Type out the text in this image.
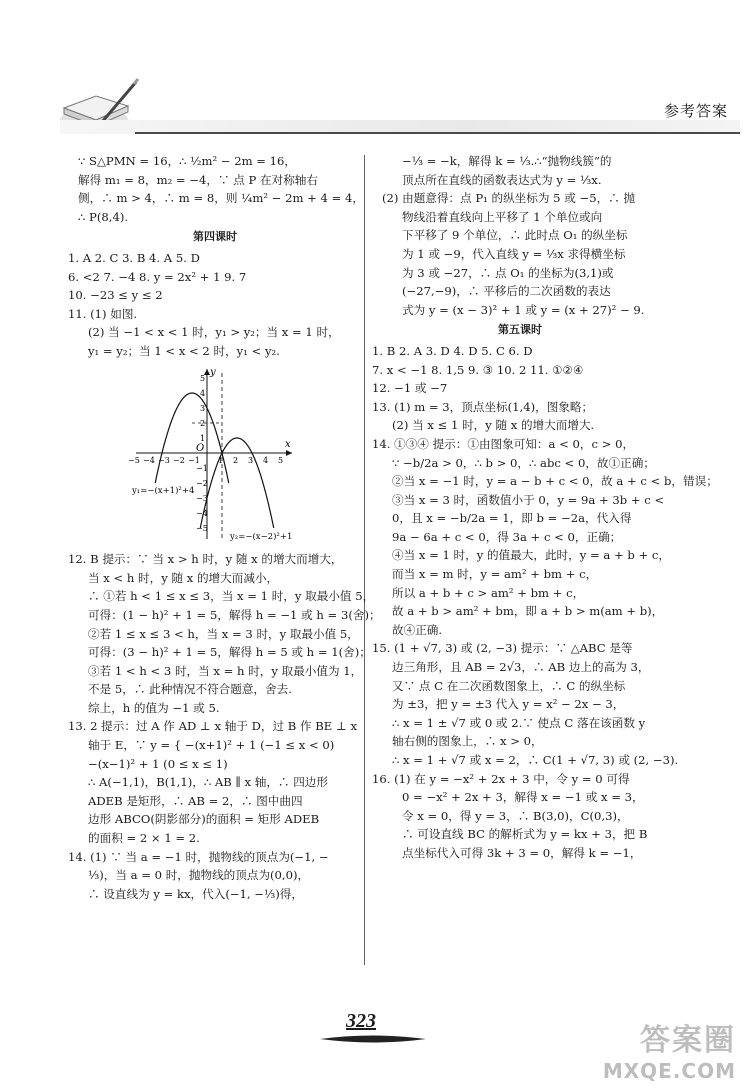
参考答案
∵ S△PMN = 16，∴ ½m² − 2m = 16，
解得 m₁ = 8，m₂ = −4，∵ 点 P 在对称轴右
侧，∴ m > 4，∴ m = 8，则 ¼m² − 2m + 4 = 4，
∴ P(8,4).
第四课时
1. A 2. C 3. B 4. A 5. D
6. <2 7. −4 8. y = 2x² + 1 9. 7
10. −23 ≤ y ≤ 2
11. (1) 如图.
(2) 当 −1 < x < 1 时，y₁ > y₂；当 x = 1 时，
y₁ = y₂；当 1 < x < 2 时，y₁ < y₂.
y
x
O
−5 −4 −3 −2 −1 1 2 3 4 5
5
4
3
2
1
−1
−2
−3
−4
−5
y₁=−(x+1)²+4
y₂=−(x−2)²+1
12. B 提示：∵ 当 x > h 时，y 随 x 的增大而增大，
当 x < h 时，y 随 x 的增大而减小，
∴ ①若 h < 1 ≤ x ≤ 3，当 x = 1 时，y 取最小值 5，
可得：(1 − h)² + 1 = 5，解得 h = −1 或 h = 3(舍)；
②若 1 ≤ x ≤ 3 < h，当 x = 3 时，y 取最小值 5，
可得：(3 − h)² + 1 = 5，解得 h = 5 或 h = 1(舍)；
③若 1 < h < 3 时，当 x = h 时，y 取最小值为 1，
不是 5，∴ 此种情况不符合题意，舍去.
综上，h 的值为 −1 或 5.
13. 2 提示：过 A 作 AD ⊥ x 轴于 D，过 B 作 BE ⊥ x
轴于 E，∵ y = { −(x+1)² + 1 (−1 ≤ x < 0)
−(x−1)² + 1 (0 ≤ x ≤ 1)
∴ A(−1,1)，B(1,1)，∴ AB ∥ x 轴，∴ 四边形
ADEB 是矩形，∴ AB = 2，∴ 图中曲四
边形 ABCO(阴影部分)的面积 = 矩形 ADEB
的面积 = 2 × 1 = 2.
14. (1) ∵ 当 a = −1 时，抛物线的顶点为(−1, −
⅓)，当 a = 0 时，抛物线的顶点为(0,0)，
∴ 设直线为 y = kx，代入(−1, −⅓)得，
−⅓ = −k，解得 k = ⅓.∴“抛物线簇”的
顶点所在直线的函数表达式为 y = ⅓x.
(2) 由题意得：点 P₁ 的纵坐标为 5 或 −5，∴ 抛
物线沿着直线向上平移了 1 个单位或向
下平移了 9 个单位，∴ 此时点 O₁ 的纵坐标
为 1 或 −9，代入直线 y = ⅓x 求得横坐标
为 3 或 −27，∴ 点 O₁ 的坐标为(3,1)或
(−27,−9)，∴ 平移后的二次函数的表达
式为 y = (x − 3)² + 1 或 y = (x + 27)² − 9.
第五课时
1. B 2. A 3. D 4. D 5. C 6. D
7. x < −1 8. 1,5 9. ③ 10. 2 11. ①②④
12. −1 或 −7
13. (1) m = 3，顶点坐标(1,4)，图象略；
(2) 当 x ≤ 1 时，y 随 x 的增大而增大.
14. ①③④ 提示：①由图象可知：a < 0，c > 0，
∵ −b/2a > 0，∴ b > 0，∴ abc < 0，故①正确；
②当 x = −1 时，y = a − b + c < 0，故 a + c < b，错误；
③当 x = 3 时，函数值小于 0，y = 9a + 3b + c <
0，且 x = −b/2a = 1，即 b = −2a，代入得
9a − 6a + c < 0，得 3a + c < 0，正确；
④当 x = 1 时，y 的值最大，此时，y = a + b + c，
而当 x = m 时，y = am² + bm + c，
所以 a + b + c > am² + bm + c，
故 a + b > am² + bm，即 a + b > m(am + b)，
故④正确.
15. (1 + √7, 3) 或 (2, −3) 提示：∵ △ABC 是等
边三角形，且 AB = 2√3，∴ AB 边上的高为 3，
又∵ 点 C 在二次函数图象上，∴ C 的纵坐标
为 ±3，把 y = ±3 代入 y = x² − 2x − 3，
∴ x = 1 ± √7 或 0 或 2.∵ 使点 C 落在该函数 y
轴右侧的图象上，∴ x > 0，
∴ x = 1 + √7 或 x = 2，∴ C(1 + √7, 3) 或 (2, −3).
16. (1) 在 y = −x² + 2x + 3 中，令 y = 0 可得
0 = −x² + 2x + 3，解得 x = −1 或 x = 3，
令 x = 0，得 y = 3，∴ B(3,0)，C(0,3)，
∴ 可设直线 BC 的解析式为 y = kx + 3，把 B
点坐标代入可得 3k + 3 = 0，解得 k = −1，
323
答案圈
MXQE.COM
